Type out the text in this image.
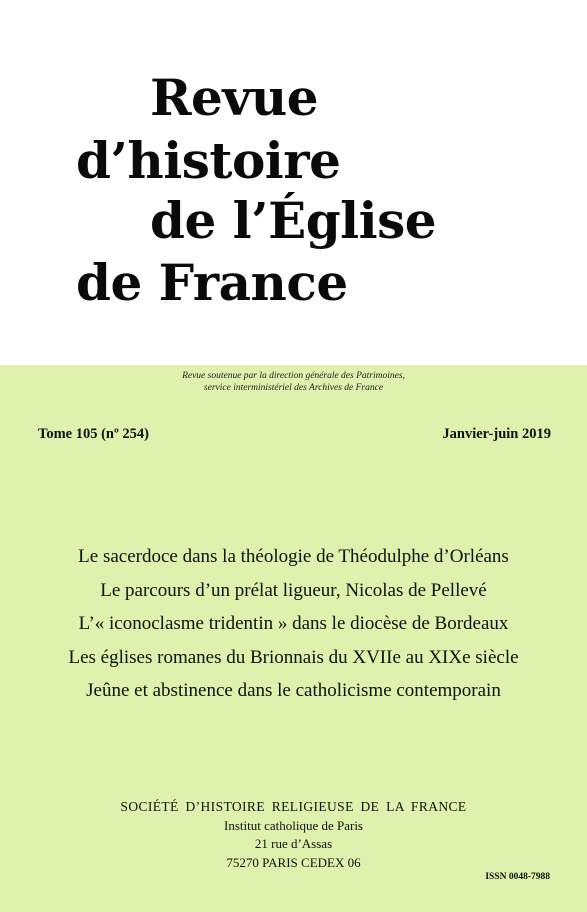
Revue
d’histoire
de l’Église
de France
Revue soutenue par la direction générale des Patrimoines,
service interministériel des Archives de France
Tome 105 (nº 254)	Janvier-juin 2019
Le sacerdoce dans la théologie de Théodulphe d’Orléans
Le parcours d’un prélat ligueur, Nicolas de Pellevé
L’« iconoclasme tridentin » dans le diocèse de Bordeaux
Les églises romanes du Brionnais du XVIIe au XIXe siècle
Jeûne et abstinence dans le catholicisme contemporain
SOCIÉTÉ D’HISTOIRE RELIGIEUSE DE LA FRANCE
Institut catholique de Paris
21 rue d’Assas
75270 PARIS CEDEX 06
ISSN 0048-7988
